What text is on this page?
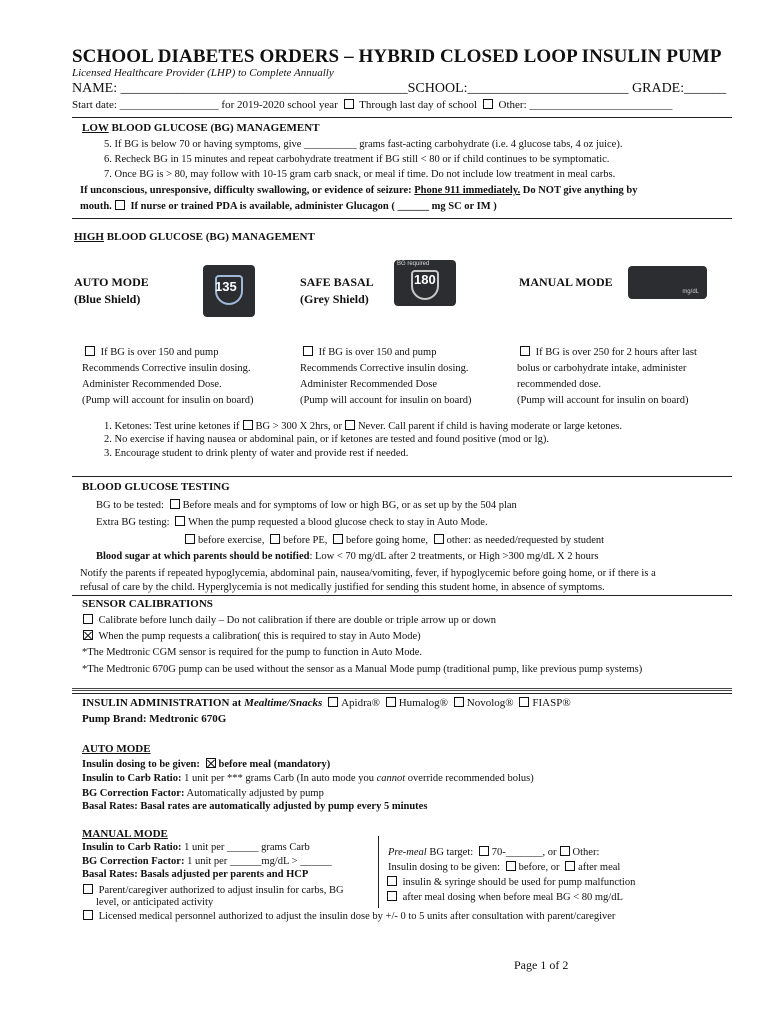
SCHOOL DIABETES ORDERS – HYBRID CLOSED LOOP INSULIN PUMP
Licensed Healthcare Provider (LHP) to Complete Annually
NAME: _________________________________________SCHOOL:_______________________ GRADE:______
Start date: __________________ for 2019-2020 school year Through last day of school Other: __________________________
LOW BLOOD GLUCOSE (BG) MANAGEMENT
5. If BG is below 70 or having symptoms, give __________ grams fast-acting carbohydrate (i.e. 4 glucose tabs, 4 oz juice).
6. Recheck BG in 15 minutes and repeat carbohydrate treatment if BG still < 80 or if child continues to be symptomatic.
7. Once BG is > 80, may follow with 10-15 gram carb snack, or meal if time. Do not include low treatment in meal carbs.
If unconscious, unresponsive, difficulty swallowing, or evidence of seizure: Phone 911 immediately. Do NOT give anything by
mouth. If nurse or trained PDA is available, administer Glucagon ( ______ mg SC or IM )
HIGH BLOOD GLUCOSE (BG) MANAGEMENT
AUTO MODE
(Blue Shield)
135	SAFE BASAL
(Grey Shield)
BG required
180	MANUAL MODE
mg/dL
If BG is over 150 and pump
Recommends Corrective insulin dosing.
Administer Recommended Dose.
(Pump will account for insulin on board)
If BG is over 150 and pump
Recommends Corrective insulin dosing.
Administer Recommended Dose
(Pump will account for insulin on board)
If BG is over 250 for 2 hours after last
bolus or carbohydrate intake, administer
recommended dose.
(Pump will account for insulin on board)
1. Ketones: Test urine ketones if BG > 300 X 2hrs, or Never. Call parent if child is having moderate or large ketones.
2. No exercise if having nausea or abdominal pain, or if ketones are tested and found positive (mod or lg).
3. Encourage student to drink plenty of water and provide rest if needed.
BLOOD GLUCOSE TESTING
BG to be tested: Before meals and for symptoms of low or high BG, or as set up by the 504 plan
Extra BG testing: When the pump requested a blood glucose check to stay in Auto Mode.
before exercise, before PE, before going home, other: as needed/requested by student
Blood sugar at which parents should be notified: Low < 70 mg/dL after 2 treatments, or High >300 mg/dL X 2 hours
Notify the parents if repeated hypoglycemia, abdominal pain, nausea/vomiting, fever, if hypoglycemic before going home, or if there is a
refusal of care by the child. Hyperglycemia is not medically justified for sending this student home, in absence of symptoms.
SENSOR CALIBRATIONS
Calibrate before lunch daily – Do not calibration if there are double or triple arrow up or down
When the pump requests a calibration( this is required to stay in Auto Mode)
*The Medtronic CGM sensor is required for the pump to function in Auto Mode.
*The Medtronic 670G pump can be used without the sensor as a Manual Mode pump (traditional pump, like previous pump systems)
INSULIN ADMINISTRATION at Mealtime/Snacks Apidra® Humalog® Novolog® FIASP®
Pump Brand: Medtronic 670G
AUTO MODE
Insulin dosing to be given: before meal (mandatory)
Insulin to Carb Ratio: 1 unit per *** grams Carb (In auto mode you cannot override recommended bolus)
BG Correction Factor: Automatically adjusted by pump
Basal Rates: Basal rates are automatically adjusted by pump every 5 minutes
MANUAL MODE
Insulin to Carb Ratio: 1 unit per ______ grams Carb
BG Correction Factor: 1 unit per ______mg/dL > ______
Basal Rates: Basals adjusted per parents and HCP
Parent/caregiver authorized to adjust insulin for carbs, BG
level, or anticipated activity
Pre-meal BG target: 70-_______, or Other:
Insulin dosing to be given: before, or after meal
insulin & syringe should be used for pump malfunction
after meal dosing when before meal BG < 80 mg/dL
Licensed medical personnel authorized to adjust the insulin dose by +/- 0 to 5 units after consultation with parent/caregiver
Page 1 of 2
